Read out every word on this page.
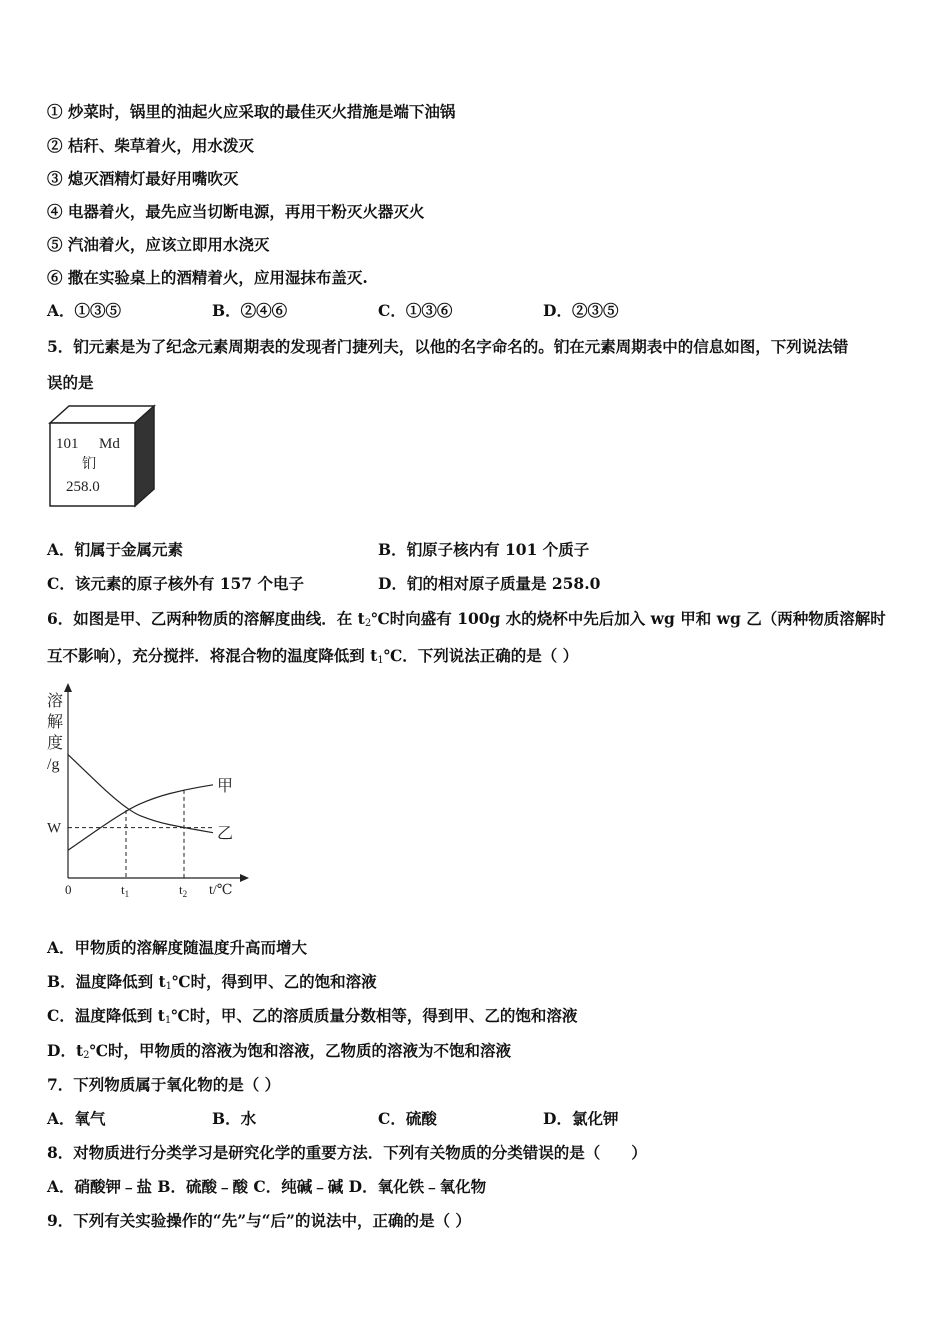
① 炒菜时，锅里的油起火应采取的最佳灭火措施是端下油锅
② 桔秆、柴草着火，用水泼灭
③ 熄灭酒精灯最好用嘴吹灭
④ 电器着火，最先应当切断电源，再用干粉灭火器灭火
⑤ 汽油着火，应该立即用水浇灭
⑥ 撒在实验桌上的酒精着火，应用湿抹布盖灭.
A．①③⑤	B．②④⑥	C．①③⑥	D．②③⑤
5．钔元素是为了纪念元素周期表的发现者门捷列夫，以他的名字命名的。钔在元素周期表中的信息如图，下列说法错
误的是
101 Md
钔
258.0
A．钔属于金属元素	B．钔原子核内有 101 个质子
C．该元素的原子核外有 157 个电子	D．钔的相对原子质量是 258.0
6．如图是甲、乙两种物质的溶解度曲线．在 $t_2℃$时向盛有 100g 水的烧杯中先后加入 wg 甲和 wg 乙（两种物质溶解时
互不影响），充分搅拌．将混合物的温度降低到 $t_1℃$．下列说法正确的是（ ）
甲
乙
溶
解
度
/g
W
0	$t_1$	$t_2$ t/℃
A．甲物质的溶解度随温度升高而增大
B．温度降低到 $t_1℃$时，得到甲、乙的饱和溶液
C．温度降低到 $t_1℃$时，甲、乙的溶质质量分数相等，得到甲、乙的饱和溶液
D．$t_2℃$时，甲物质的溶液为饱和溶液，乙物质的溶液为不饱和溶液
7．下列物质属于氧化物的是（ ）
A．氧气	B．水	C．硫酸	D．氯化钾
8．对物质进行分类学习是研究化学的重要方法．下列有关物质的分类错误的是（　　）
A．硝酸钾﹣盐 B．硫酸﹣酸 C．纯碱﹣碱 D．氧化铁﹣氧化物
9．下列有关实验操作的“先”与“后”的说法中，正确的是（ ）
